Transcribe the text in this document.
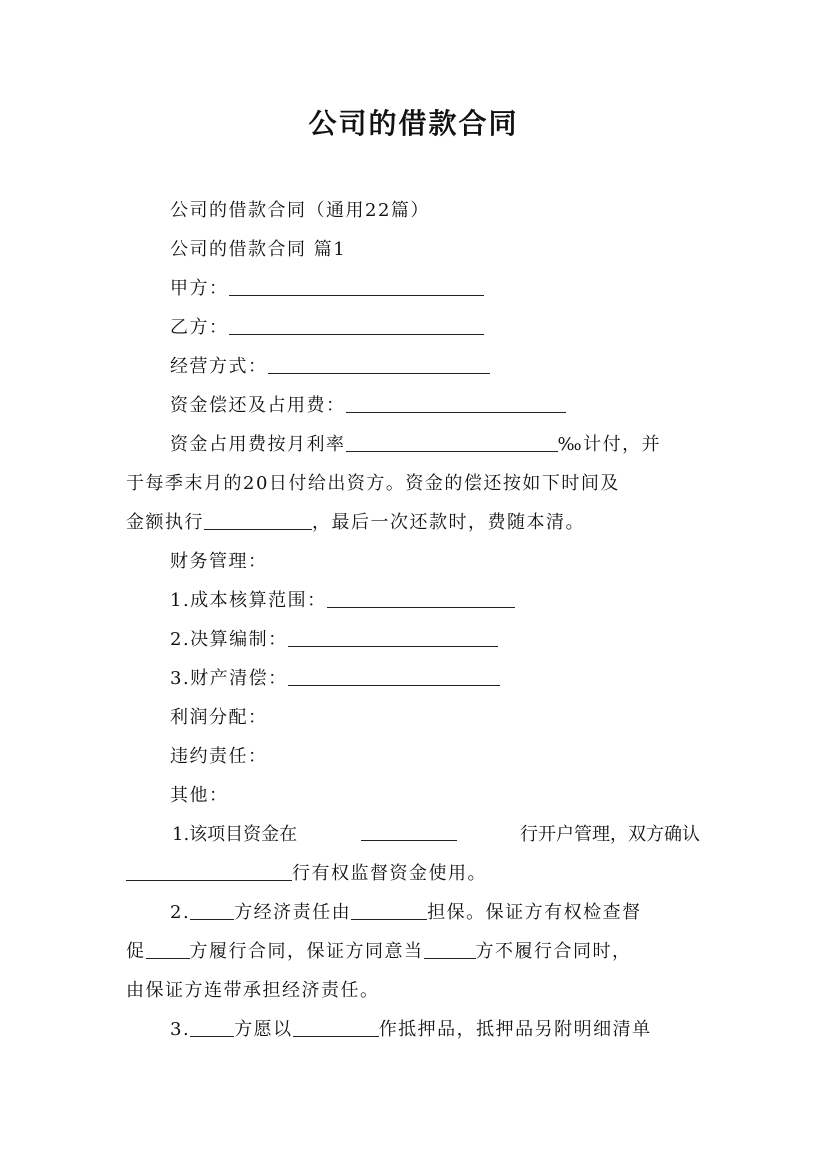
公司的借款合同
公司的借款合同（通用22篇）
公司的借款合同 篇1
甲方：
乙方：
经营方式：
资金偿还及占用费：
资金占用费按月利率	‰计付，并
于每季末月的20日付给出资方。资金的偿还按如下时间及
金额执行	，最后一次还款时，费随本清。
财务管理：
1.成本核算范围：
2.决算编制：
3.财产清偿：
利润分配：
违约责任：
其他：
1.该项目资金在	行开户管理，双方确认
行有权监督资金使用。
2. 方经济责任由	担保。保证方有权检查督
促 方履行合同，保证方同意当	方不履行合同时，
由保证方连带承担经济责任。
3. 方愿以	作抵押品，抵押品另附明细清单
